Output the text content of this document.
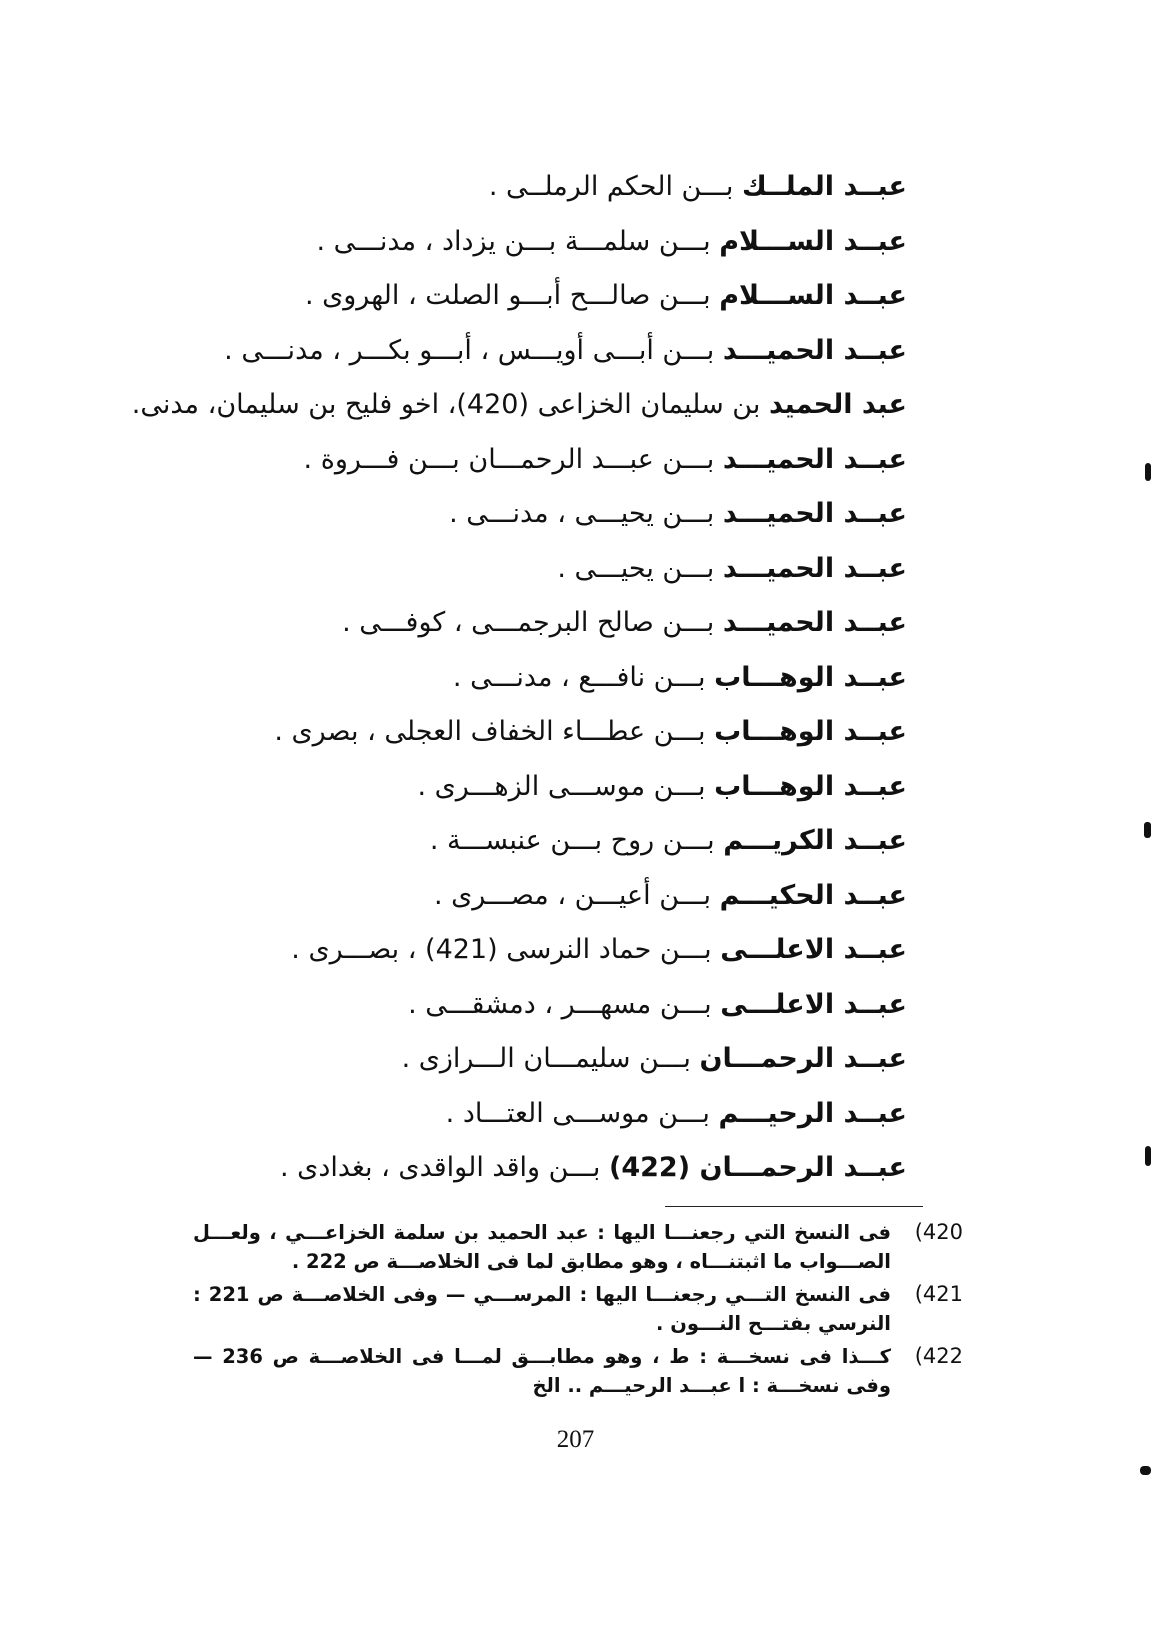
عبــد الملــك بـــن الحكم الرملــى .
عبــد الســـلام بـــن سلمـــة بـــن يزداد ، مدنـــى .
عبــد الســـلام بـــن صالـــح أبـــو الصلت ، الهروى .
عبــد الحميـــد بـــن أبـــى أويـــس ، أبـــو بكـــر ، مدنـــى .
عبد الحميد بن سليمان الخزاعى (420)، اخو فليح بن سليمان، مدنى.
عبــد الحميـــد بـــن عبـــد الرحمـــان بـــن فـــروة .
عبــد الحميـــد بـــن يحيـــى ، مدنـــى .
عبــد الحميـــد بـــن يحيـــى .
عبــد الحميـــد بـــن صالح البرجمـــى ، كوفـــى .
عبــد الوهـــاب بـــن نافـــع ، مدنـــى .
عبــد الوهـــاب بـــن عطـــاء الخفاف العجلى ، بصرى .
عبــد الوهـــاب بـــن موســـى الزهـــرى .
عبــد الكريـــم بـــن روح بـــن عنبســـة .
عبــد الحكيـــم بـــن أعيـــن ، مصـــرى .
عبــد الاعلـــى بـــن حماد النرسى (421) ، بصـــرى .
عبــد الاعلـــى بـــن مسهـــر ، دمشقـــى .
عبــد الرحمـــان بـــن سليمـــان الـــرازى .
عبــد الرحيـــم بـــن موســـى العتـــاد .
عبــد الرحمـــان (422) بـــن واقد الواقدى ، بغدادى .
420)
فى النسخ التي رجعنـــا اليها : عبد الحميد بن سلمة الخزاعـــي ، ولعـــل الصـــواب ما اثبتنـــاه ، وهو مطابق لما فى الخلاصـــة ص 222 .
421)
فى النسخ التـــي رجعنـــا اليها : المرســـي — وفى الخلاصـــة ص 221 : النرسي بفتـــح النـــون .
422)
كـــذا فى نسخـــة : ط ، وهو مطابـــق لمـــا فى الخلاصـــة ص 236 — وفى نسخـــة : ا عبـــد الرحيـــم .. الخ
207
